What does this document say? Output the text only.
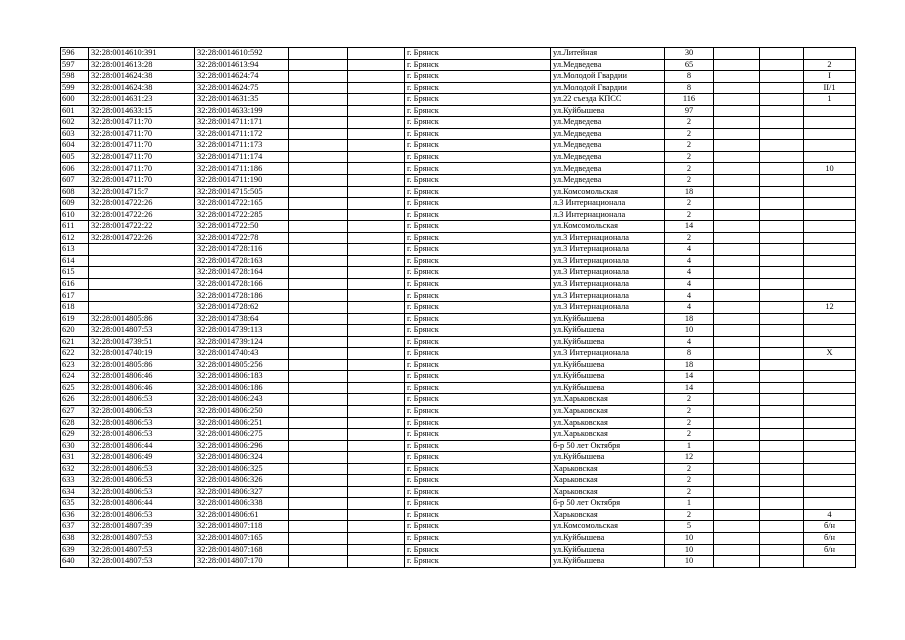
596	32:28:0014610:391	32:28:0014610:592			г. Брянск	ул.Литейная	30			
597	32:28:0014613:28	32:28:0014613:94			г. Брянск	ул.Медведева	65			2
598	32:28:0014624:38	32:28:0014624:74			г. Брянск	ул.Молодой Гвардии	8			I
599	32:28:0014624:38	32:28:0014624:75			г. Брянск	ул.Молодой Гвардии	8			II/1
600	32:28:0014631:23	32:28:0014631:35			г. Брянск	ул.22 съезда КПСС	116			1
601	32:28:0014633:15	32:28:0014633:199			г. Брянск	ул.Куйбышева	97			
602	32:28:0014711:70	32:28:0014711:171			г. Брянск	ул.Медведева	2			
603	32:28:0014711:70	32:28:0014711:172			г. Брянск	ул.Медведева	2			
604	32:28:0014711:70	32:28:0014711:173			г. Брянск	ул.Медведева	2			
605	32:28:0014711:70	32:28:0014711:174			г. Брянск	ул.Медведева	2			
606	32:28:0014711:70	32:28:0014711:186			г. Брянск	ул.Медведева	2			10
607	32:28:0014711:70	32:28:0014711:190			г. Брянск	ул.Медведева	2			
608	32:28:0014715:7	32:28:0014715:505			г. Брянск	ул.Комсомольская	18			
609	32:28:0014722:26	32:28:0014722:165			г. Брянск	л.3 Интернационала	2			
610	32:28:0014722:26	32:28:0014722:285			г. Брянск	л.3 Интернационала	2			
611	32:28:0014722:22	32:28:0014722:50			г. Брянск	ул.Комсомольская	14			
612	32:28:0014722:26	32:28:0014722:78			г. Брянск	ул.3 Интернационала	2			
613		32:28:0014728:116			г. Брянск	ул.3 Интернационала	4			
614		32:28:0014728:163			г. Брянск	ул.3 Интернационала	4			
615		32:28:0014728:164			г. Брянск	ул.3 Интернационала	4			
616		32:28:0014728:166			г. Брянск	ул.3 Интернационала	4			
617		32:28:0014728:186			г. Брянск	ул.3 Интернационала	4			
618		32:28:0014728:62			г. Брянск	ул.3 Интернационала	4			12
619	32:28:0014805:86	32:28:0014738:64			г. Брянск	ул.Куйбышева	18			
620	32:28:0014807:53	32:28:0014739:113			г. Брянск	ул.Куйбышева	10			
621	32:28:0014739:51	32:28:0014739:124			г. Брянск	ул.Куйбышева	4			
622	32:28:0014740:19	32:28:0014740:43			г. Брянск	ул.3 Интернационала	8			X
623	32:28:0014805:86	32:28:0014805:256			г. Брянск	ул.Куйбышева	18			
624	32:28:0014806:46	32:28:0014806:183			г. Брянск	ул.Куйбышева	14			
625	32:28:0014806:46	32:28:0014806:186			г. Брянск	ул.Куйбышева	14			
626	32:28:0014806:53	32:28:0014806:243			г. Брянск	ул.Харьковская	2			
627	32:28:0014806:53	32:28:0014806:250			г. Брянск	ул.Харьковская	2			
628	32:28:0014806:53	32:28:0014806:251			г. Брянск	ул.Харьковская	2			
629	32:28:0014806:53	32:28:0014806:275			г. Брянск	ул.Харьковская	2			
630	32:28:0014806:44	32:28:0014806:296			г. Брянск	б-р 50 лет Октября	1			
631	32:28:0014806:49	32:28:0014806:324			г. Брянск	ул.Куйбышева	12			
632	32:28:0014806:53	32:28:0014806:325			г. Брянск	Харьковская	2			
633	32:28:0014806:53	32:28:0014806:326			г. Брянск	Харьковская	2			
634	32:28:0014806:53	32:28:0014806:327			г. Брянск	Харьковская	2			
635	32:28:0014806:44	32:28:0014806:338			г. Брянск	б-р 50 лет Октября	1			
636	32:28:0014806:53	32:28:0014806:61			г. Брянск	Харьковская	2			4
637	32:28:0014807:39	32:28:0014807:118			г. Брянск	ул.Комсомольская	5			б/н
638	32:28:0014807:53	32:28:0014807:165			г. Брянск	ул.Куйбышева	10			б/н
639	32:28:0014807:53	32:28:0014807:168			г. Брянск	ул.Куйбышева	10			б/н
640	32:28:0014807:53	32:28:0014807:170			г. Брянск	ул.Куйбышева	10			
